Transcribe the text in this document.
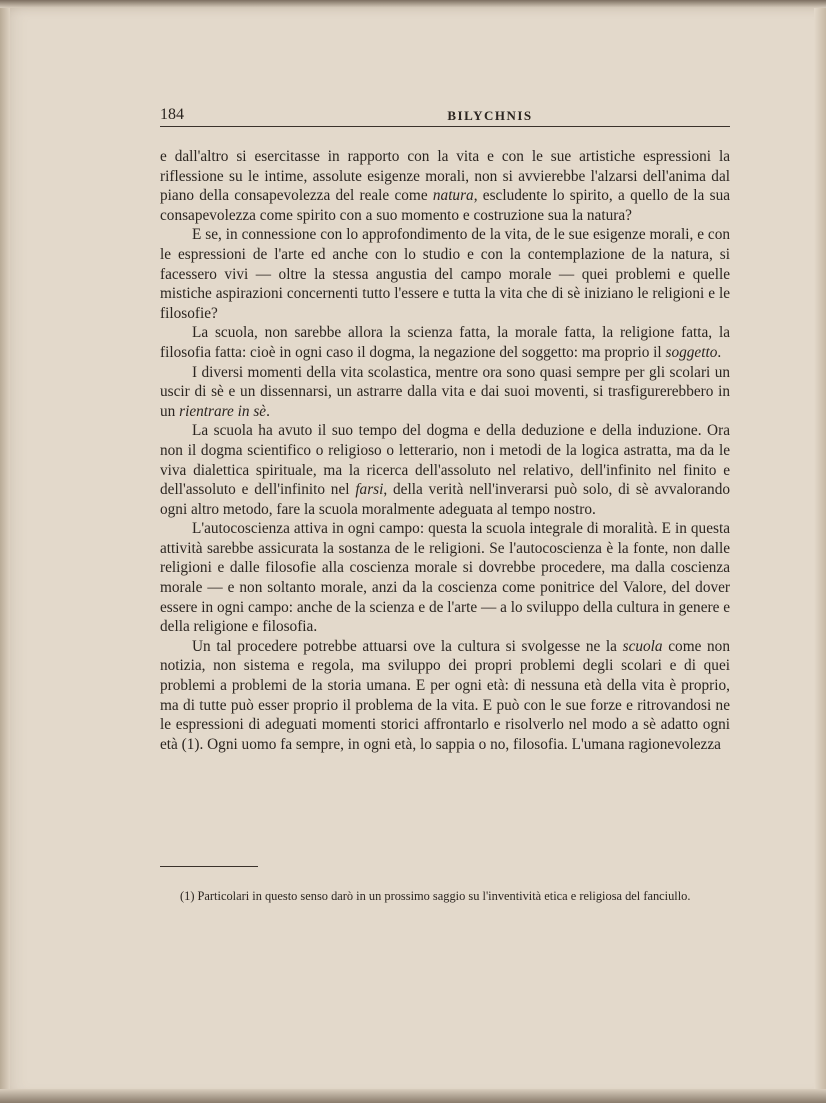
184	BILYCHNIS

e dall'altro si esercitasse in rapporto con la vita e con le sue artistiche espressioni la riflessione su le intime, assolute esigenze morali, non si avvierebbe l'alzarsi dell'anima dal piano della consapevolezza del reale come natura, escludente lo spirito, a quello de la sua consapevolezza come spirito con a suo momento e costruzione sua la natura?

E se, in connessione con lo approfondimento de la vita, de le sue esigenze morali, e con le espressioni de l'arte ed anche con lo studio e con la contemplazione de la natura, si facessero vivi — oltre la stessa angustia del campo morale — quei problemi e quelle mistiche aspirazioni concernenti tutto l'essere e tutta la vita che di sè iniziano le religioni e le filosofie?

La scuola, non sarebbe allora la scienza fatta, la morale fatta, la religione fatta, la filosofia fatta: cioè in ogni caso il dogma, la negazione del soggetto: ma proprio il soggetto.

I diversi momenti della vita scolastica, mentre ora sono quasi sempre per gli scolari un uscir di sè e un dissennarsi, un astrarre dalla vita e dai suoi moventi, si trasfigurerebbero in un rientrare in sè.

La scuola ha avuto il suo tempo del dogma e della deduzione e della induzione. Ora non il dogma scientifico o religioso o letterario, non i metodi de la logica astratta, ma da le viva dialettica spirituale, ma la ricerca dell'assoluto nel relativo, dell'infinito nel finito e dell'assoluto e dell'infinito nel farsi, della verità nell'inverarsi può solo, di sè avvalorando ogni altro metodo, fare la scuola moralmente adeguata al tempo nostro.

L'autocoscienza attiva in ogni campo: questa la scuola integrale di moralità. E in questa attività sarebbe assicurata la sostanza de le religioni. Se l'autocoscienza è la fonte, non dalle religioni e dalle filosofie alla coscienza morale si dovrebbe procedere, ma dalla coscienza morale — e non soltanto morale, anzi da la coscienza come ponitrice del Valore, del dover essere in ogni campo: anche de la scienza e de l'arte — a lo sviluppo della cultura in genere e della religione e filosofia.

Un tal procedere potrebbe attuarsi ove la cultura si svolgesse ne la scuola come non notizia, non sistema e regola, ma sviluppo dei propri problemi degli scolari e di quei problemi a problemi de la storia umana. E per ogni età: di nessuna età della vita è proprio, ma di tutte può esser proprio il problema de la vita. E può con le sue forze e ritrovandosi ne le espressioni di adeguati momenti storici affrontarlo e risolverlo nel modo a sè adatto ogni età (1). Ogni uomo fa sempre, in ogni età, lo sappia o no, filosofia. L'umana ragionevolezza

(1) Particolari in questo senso darò in un prossimo saggio su l'inventività etica e religiosa del fanciullo.
